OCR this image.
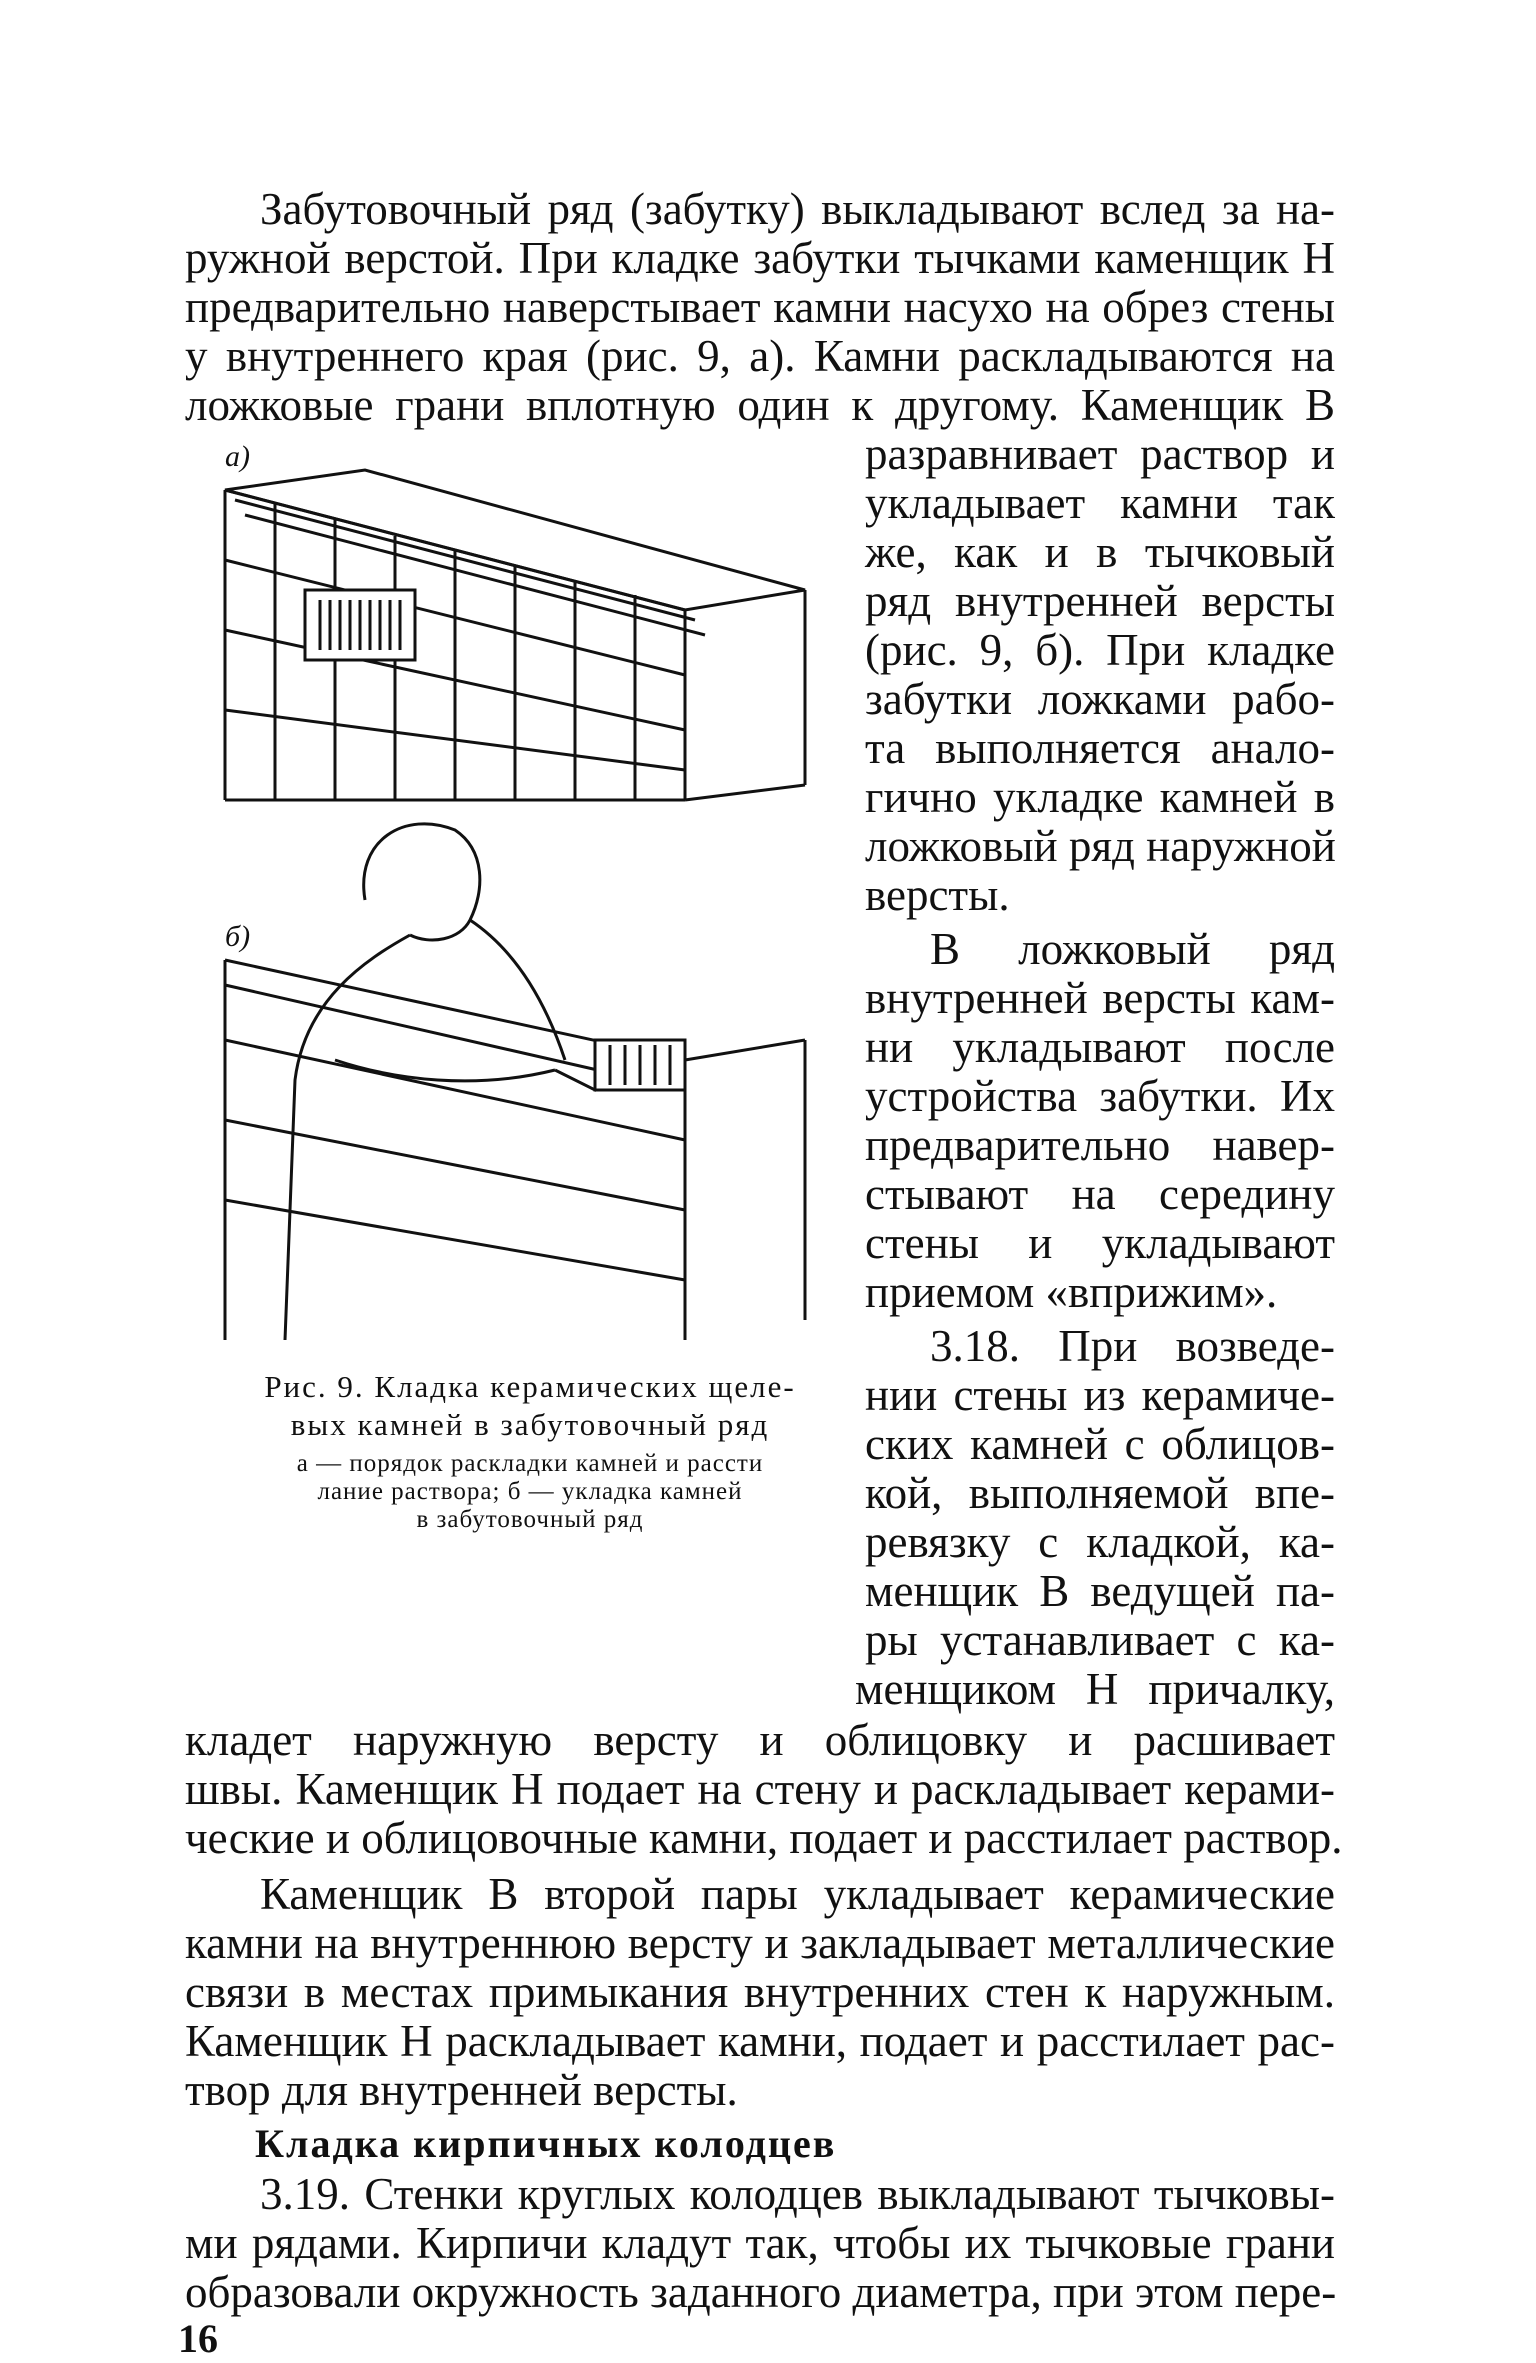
Забутовочный ряд (забутку) выкладывают вслед за на-
ружной верстой. При кладке забутки тычками каменщик Н
предварительно наверстывает камни насухо на обрез стены
у внутреннего края (рис. 9, а). Камни раскладываются на
ложковые грани вплотную один к другому. Каменщик В
разравнивает раствор и
укладывает камни так
же, как и в тычковый
ряд внутренней версты
(рис. 9, б). При кладке
забутки ложками рабо-
та выполняется анало-
гично укладке камней в
ложковый ряд наружной
версты.
В ложковый ряд
внутренней версты кам-
ни укладывают после
устройства забутки. Их
предварительно навер-
стывают на середину
стены и укладывают
приемом «вприжим».
3.18. При возведе-
нии стены из керамиче-
ских камней с облицов-
кой, выполняемой впе-
ревязку с кладкой, ка-
менщик В ведущей па-
ры устанавливает с ка-
менщиком Н причалку,
кладет наружную версту и облицовку и расшивает
швы. Каменщик Н подает на стену и раскладывает керами-
ческие и облицовочные камни, подает и расстилает раствор.
Каменщик В второй пары укладывает керамические
а)
б)
Рис. 9. Кладка керамических щеле-
вых камней в забутовочный ряд
а — порядок раскладки камней и рассти
лание раствора; б — укладка камней
в забутовочный ряд
камни на внутреннюю версту и закладывает металлические
связи в местах примыкания внутренних стен к наружным.
Каменщик Н раскладывает камни, подает и расстилает рас-
твор для внутренней версты.
Кладка кирпичных колодцев
3.19. Стенки круглых колодцев выкладывают тычковы-
ми рядами. Кирпичи кладут так, чтобы их тычковые грани
образовали окружность заданного диаметра, при этом пере-
16
